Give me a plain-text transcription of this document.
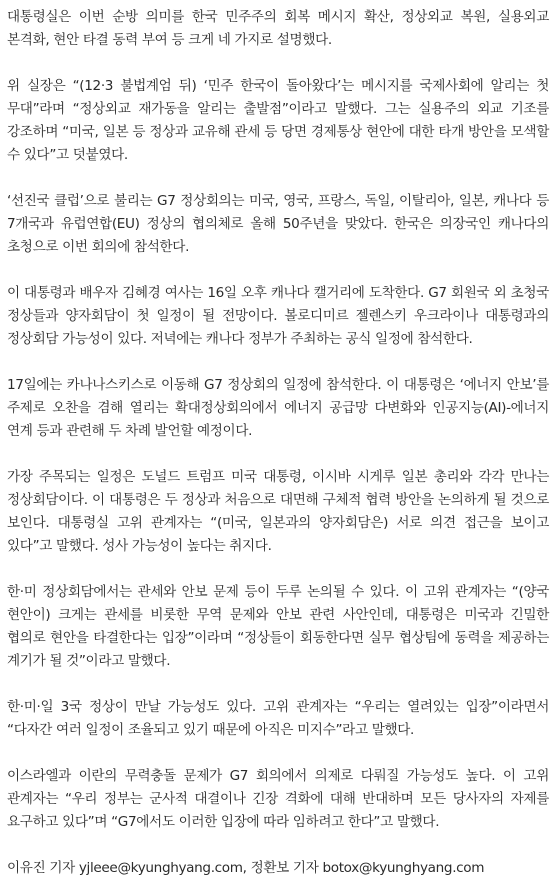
대통령실은 이번 순방 의미를 한국 민주주의 회복 메시지 확산, 정상외교 복원, 실용외교 본격화, 현안 타결 동력 부여 등 크게 네 가지로 설명했다.

위 실장은 “(12·3 불법계엄 뒤) ‘민주 한국이 돌아왔다’는 메시지를 국제사회에 알리는 첫 무대”라며 “정상외교 재가동을 알리는 출발점”이라고 말했다. 그는 실용주의 외교 기조를 강조하며 “미국, 일본 등 정상과 교유해 관세 등 당면 경제통상 현안에 대한 타개 방안을 모색할 수 있다”고 덧붙였다.

‘선진국 클럽’으로 불리는 G7 정상회의는 미국, 영국, 프랑스, 독일, 이탈리아, 일본, 캐나다 등 7개국과 유럽연합(EU) 정상의 협의체로 올해 50주년을 맞았다. 한국은 의장국인 캐나다의 초청으로 이번 회의에 참석한다.

이 대통령과 배우자 김혜경 여사는 16일 오후 캐나다 캘거리에 도착한다. G7 회원국 외 초청국 정상들과 양자회담이 첫 일정이 될 전망이다. 볼로디미르 젤렌스키 우크라이나 대통령과의 정상회담 가능성이 있다. 저녁에는 캐나다 정부가 주최하는 공식 일정에 참석한다.

17일에는 카나나스키스로 이동해 G7 정상회의 일정에 참석한다. 이 대통령은 ‘에너지 안보’를 주제로 오찬을 겸해 열리는 확대정상회의에서 에너지 공급망 다변화와 인공지능(AI)-에너지 연계 등과 관련해 두 차례 발언할 예정이다.

가장 주목되는 일정은 도널드 트럼프 미국 대통령, 이시바 시게루 일본 총리와 각각 만나는 정상회담이다. 이 대통령은 두 정상과 처음으로 대면해 구체적 협력 방안을 논의하게 될 것으로 보인다. 대통령실 고위 관계자는 “(미국, 일본과의 양자회담은) 서로 의견 접근을 보이고 있다”고 말했다. 성사 가능성이 높다는 취지다.

한·미 정상회담에서는 관세와 안보 문제 등이 두루 논의될 수 있다. 이 고위 관계자는 “(양국 현안이) 크게는 관세를 비롯한 무역 문제와 안보 관련 사안인데, 대통령은 미국과 긴밀한 협의로 현안을 타결한다는 입장”이라며 “정상들이 회동한다면 실무 협상팀에 동력을 제공하는 계기가 될 것”이라고 말했다.

한·미·일 3국 정상이 만날 가능성도 있다. 고위 관계자는 “우리는 열려있는 입장”이라면서 “다자간 여러 일정이 조율되고 있기 때문에 아직은 미지수”라고 말했다.

이스라엘과 이란의 무력충돌 문제가 G7 회의에서 의제로 다뤄질 가능성도 높다. 이 고위 관계자는 “우리 정부는 군사적 대결이나 긴장 격화에 대해 반대하며 모든 당사자의 자제를 요구하고 있다”며 “G7에서도 이러한 입장에 따라 임하려고 한다”고 말했다.

이유진 기자 yjleee@kyunghyang.com, 정환보 기자 botox@kyunghyang.com
